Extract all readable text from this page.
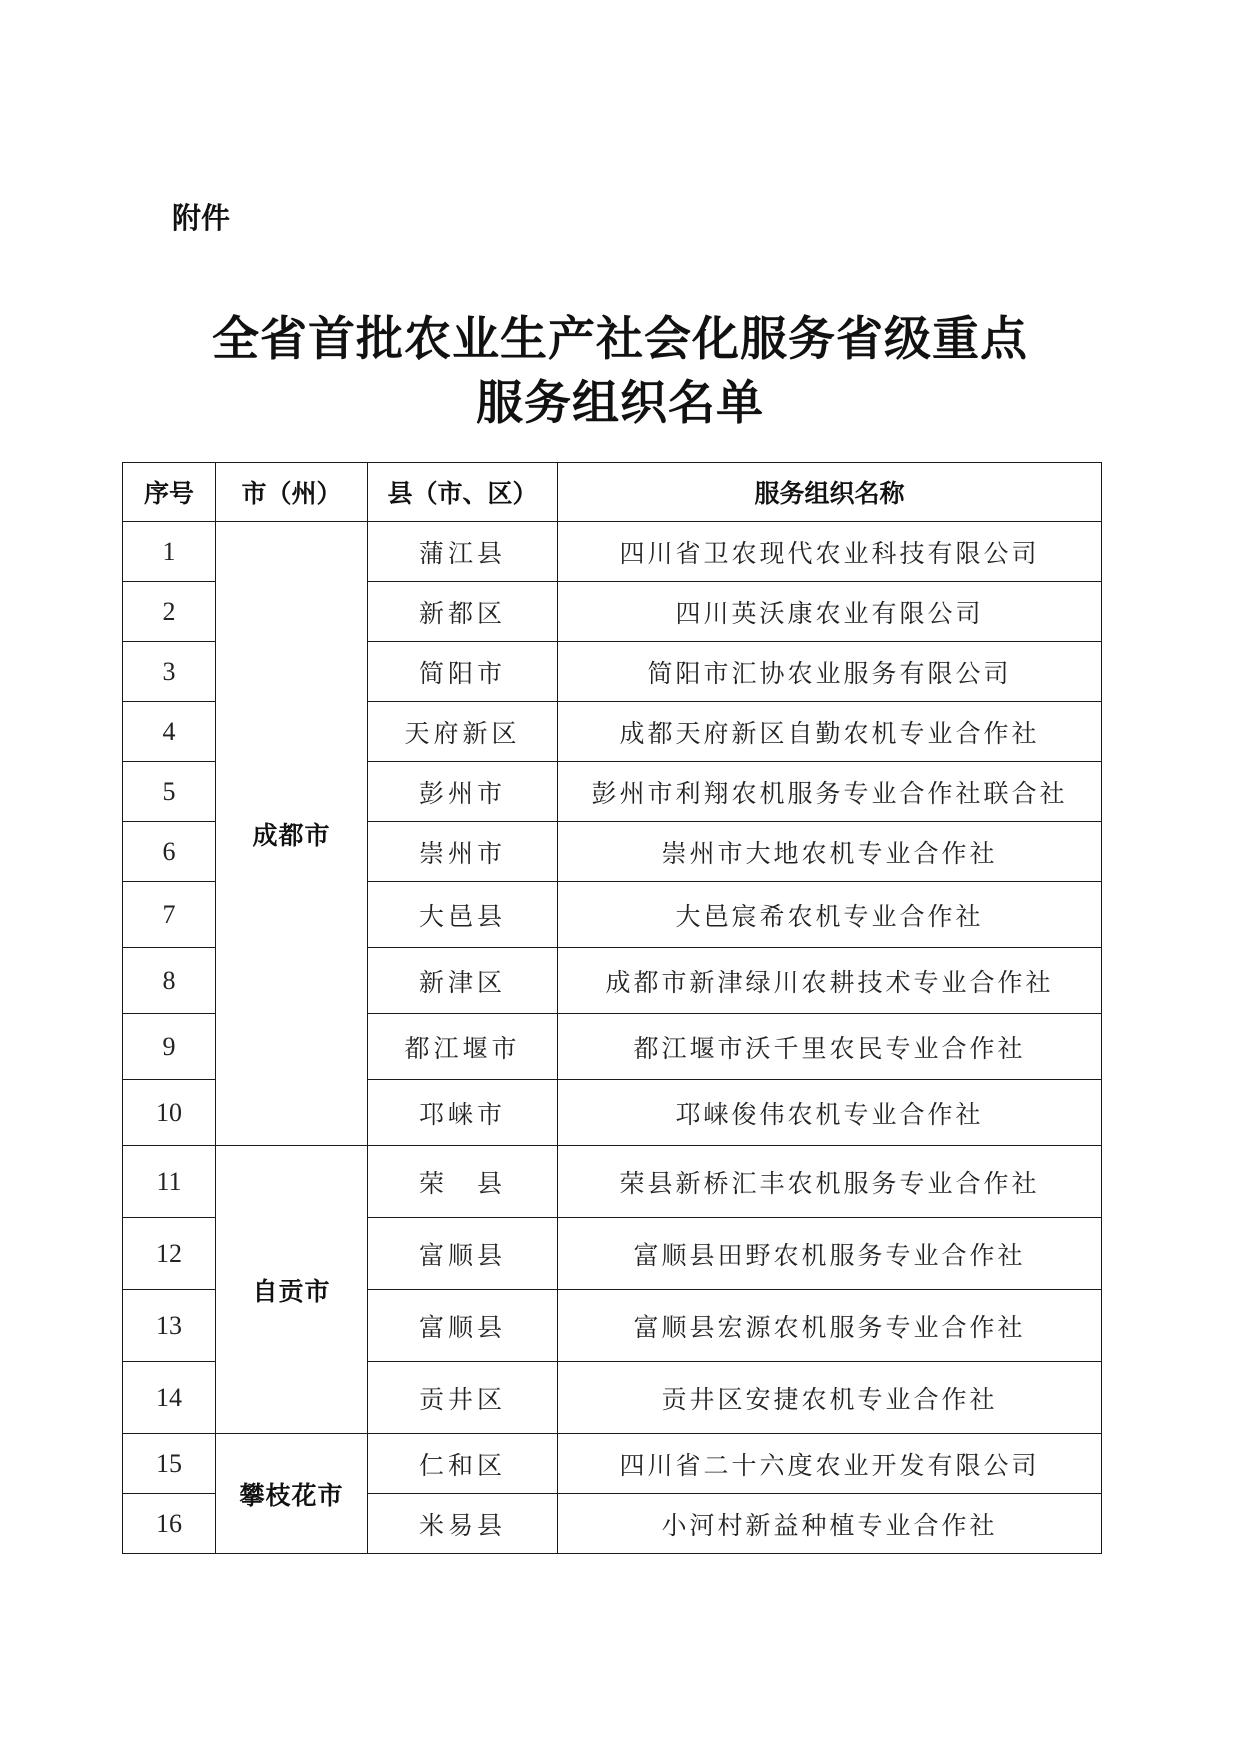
附件
全省首批农业生产社会化服务省级重点
服务组织名单
序号	市（州）	县（市、区）	服务组织名称
1	成都市	蒲江县	四川省卫农现代农业科技有限公司
2		新都区	四川英沃康农业有限公司
3		简阳市	简阳市汇协农业服务有限公司
4		天府新区	成都天府新区自勤农机专业合作社
5		彭州市	彭州市利翔农机服务专业合作社联合社
6		崇州市	崇州市大地农机专业合作社
7		大邑县	大邑宸希农机专业合作社
8		新津区	成都市新津绿川农耕技术专业合作社
9		都江堰市	都江堰市沃千里农民专业合作社
10		邛崃市	邛崃俊伟农机专业合作社
11	自贡市	荣　县	荣县新桥汇丰农机服务专业合作社
12		富顺县	富顺县田野农机服务专业合作社
13		富顺县	富顺县宏源农机服务专业合作社
14		贡井区	贡井区安捷农机专业合作社
15	攀枝花市	仁和区	四川省二十六度农业开发有限公司
16		米易县	小河村新益种植专业合作社
